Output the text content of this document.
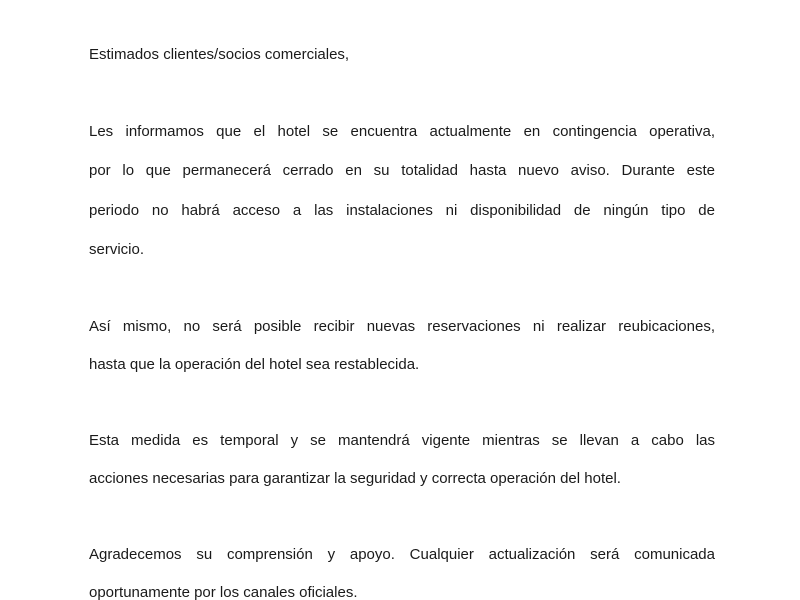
Estimados clientes/socios comerciales,
Les informamos que el hotel se encuentra actualmente en contingencia operativa,
por lo que permanecerá cerrado en su totalidad hasta nuevo aviso. Durante este
periodo no habrá acceso a las instalaciones ni disponibilidad de ningún tipo de
servicio.
Así mismo, no será posible recibir nuevas reservaciones ni realizar reubicaciones,
hasta que la operación del hotel sea restablecida.
Esta medida es temporal y se mantendrá vigente mientras se llevan a cabo las
acciones necesarias para garantizar la seguridad y correcta operación del hotel.
Agradecemos su comprensión y apoyo. Cualquier actualización será comunicada
oportunamente por los canales oficiales.
